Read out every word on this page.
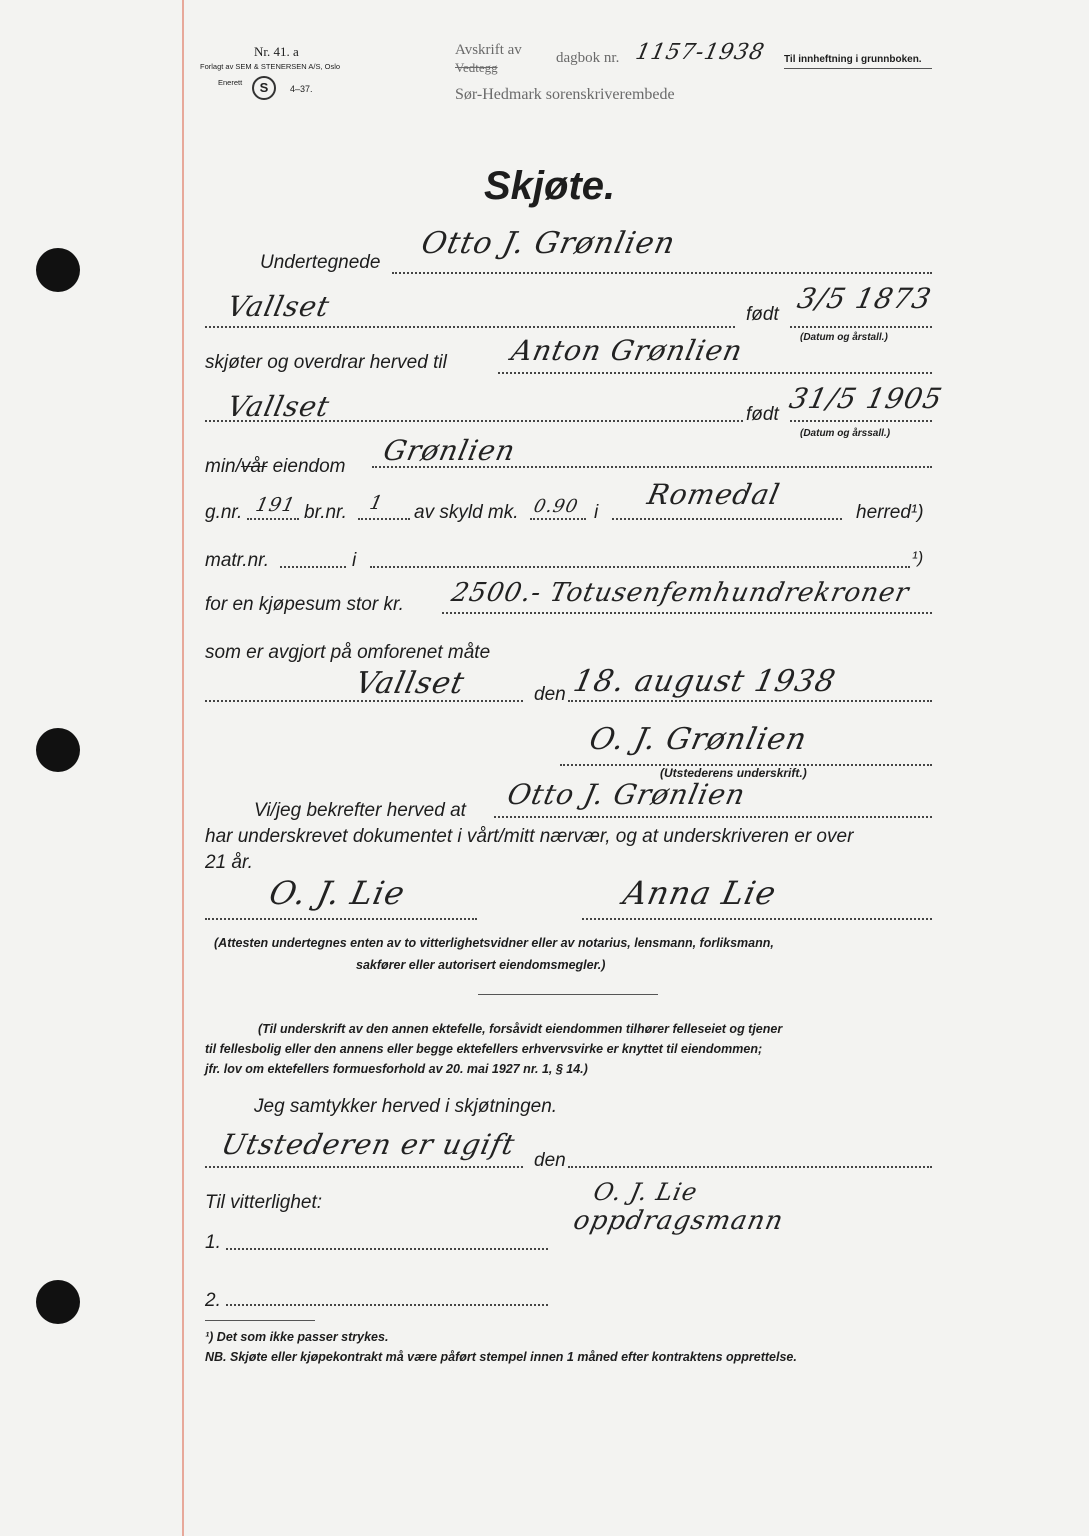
Nr. 41. a
Forlagt av SEM & STENERSEN A/S, Oslo
Enerett	S	4–37.
Avskrift av
Vedtegg
dagbok nr. 1157-1938 Til innheftning i grunnboken.
Sør-Hedmark sorenskriverembede
Skjøte.
Undertegnede
Otto J. Grønlien
Vallset	født 3/5 1873
(Datum og årstall.)
skjøter og overdrar herved til Anton Grønlien
Vallset	født 31/5 1905
(Datum og årssall.)
min/vår eiendom Grønlien
g.nr. 191 br.nr. 1 av skyld mk. 0.90 i
Romedal
herred¹)
matr.nr.	i	¹)
for en kjøpesum stor kr. 2500.- Totusenfemhundrekroner
som er avgjort på omforenet måte
Vallset	den 18. august 1938
O. J. Grønlien
(Utstederens underskrift.)
Vi/jeg bekrefter herved at Otto J. Grønlien
har underskrevet dokumentet i vårt/mitt nærvær, og at underskriveren er over
21 år.
O. J. Lie	Anna Lie
(Attesten undertegnes enten av to vitterlighetsvidner eller av notarius, lensmann, forliksmann,
sakfører eller autorisert eiendomsmegler.)
(Til underskrift av den annen ektefelle, forsåvidt eiendommen tilhører felleseiet og tjener
til fellesbolig eller den annens eller begge ektefellers erhvervsvirke er knyttet til eiendommen;
jfr. lov om ektefellers formuesforhold av 20. mai 1927 nr. 1, § 14.)
Jeg samtykker herved i skjøtningen.
Utstederen er ugift den
Til vitterlighet:	O. J. Lie
oppdragsmann
1.
2.
¹) Det som ikke passer strykes.
NB. Skjøte eller kjøpekontrakt må være påført stempel innen 1 måned efter kontraktens opprettelse.
